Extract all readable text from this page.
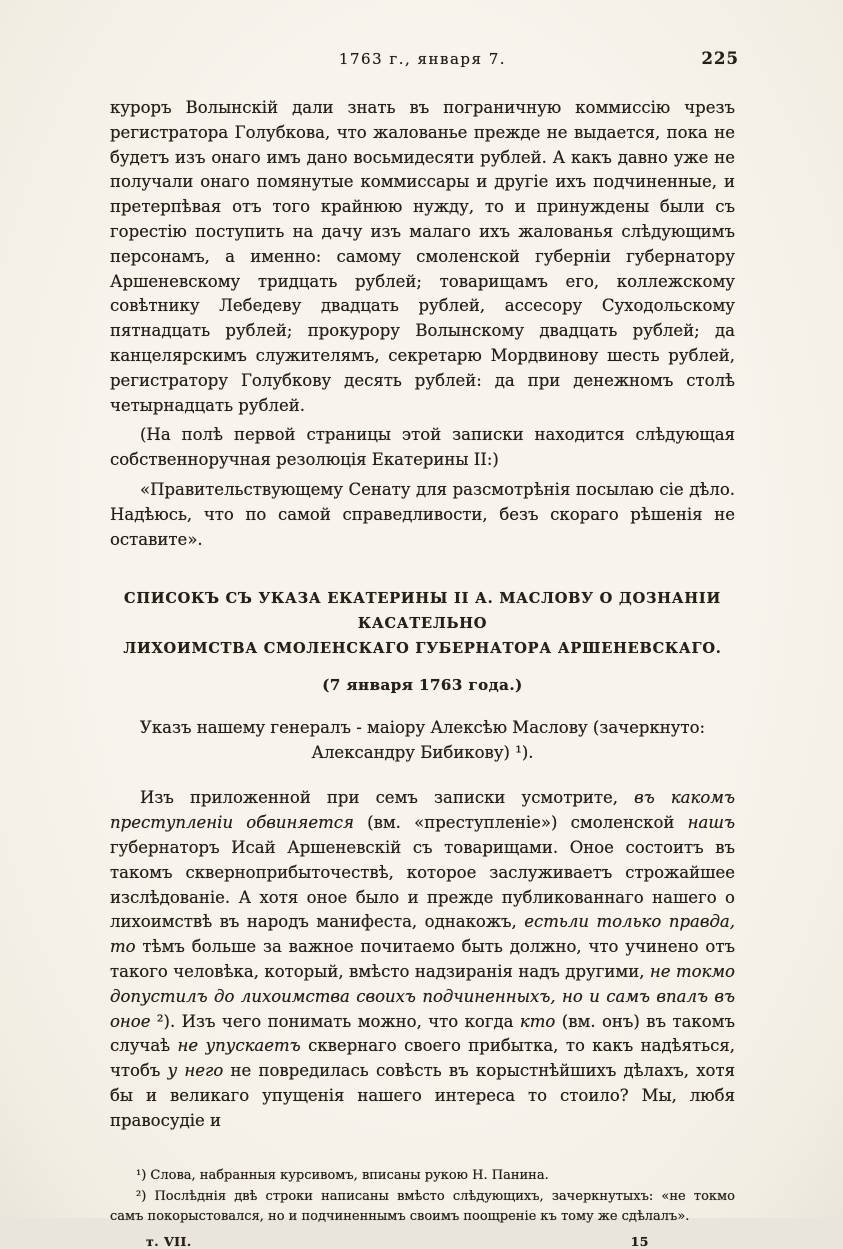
1763 г., января 7.	225

куроръ Волынскій дали знать въ пограничную коммиссію чрезъ регистратора Голубкова, что жалованье прежде не выдается, пока не будетъ изъ онаго имъ дано восьмидесяти рублей. А какъ давно уже не получали онаго помянутые коммиссары и другіе ихъ подчиненные, и претерпѣвая отъ того крайнюю нужду, то и принуждены были съ горестію поступить на дачу изъ малаго ихъ жалованья слѣдующимъ персонамъ, а именно: самому смоленской губерніи губернатору Аршеневскому тридцать рублей; товарищамъ его, коллежскому совѣтнику Лебедеву двадцать рублей, ассесору Суходольскому пятнадцать рублей; прокурору Волынскому двадцать рублей; да канцелярскимъ служителямъ, секретарю Мордвинову шесть рублей, регистратору Голубкову десять рублей: да при денежномъ столѣ четырнадцать рублей.

(На полѣ первой страницы этой записки находится слѣдующая собственноручная резолюція Екатерины II:)

«Правительствующему Сенату для разсмотрѣнія посылаю сіе дѣло. Надѣюсь, что по самой справедливости, безъ скораго рѣшенія не оставите».

СПИСОКЪ СЪ УКАЗА ЕКАТЕРИНЫ II А. МАСЛОВУ О ДОЗНАНІИ КАСАТЕЛЬНО
ЛИХОИМСТВА СМОЛЕНСКАГО ГУБЕРНАТОРА АРШЕНЕВСКАГО.
(7 января 1763 года.)
Указъ нашему генералъ - маіору Алексѣю Маслову (зачеркнуто:
Александру Бибикову) ¹).

Изъ приложенной при семъ записки усмотрите, въ какомъ преступленіи обвиняется (вм. «преступленіе») смоленской нашъ губернаторъ Исай Аршеневскій съ товарищами. Оное состоитъ въ такомъ скверноприбыточествѣ, которое заслуживаетъ строжайшее изслѣдованіе. А хотя оное было и прежде публикованнаго нашего о лихоимствѣ въ народъ манифеста, однакожъ, естьли только правда, то тѣмъ больше за важное почитаемо быть должно, что учинено отъ такого человѣка, который, вмѣсто надзиранія надъ другими, не токмо допустилъ до лихоимства своихъ подчиненныхъ, но и самъ впалъ въ оное ²). Изъ чего понимать можно, что когда кто (вм. онъ) въ такомъ случаѣ не упускаетъ сквернаго своего прибытка, то какъ надѣяться, чтобъ у него не повредилась совѣсть въ корыстнѣйшихъ дѣлахъ, хотя бы и великаго упущенія нашего интереса то стоило? Мы, любя правосудіе и

¹) Слова, набранныя курсивомъ, вписаны рукою Н. Панина.

²) Послѣднія двѣ строки написаны вмѣсто слѣдующихъ, зачеркнутыхъ: «не токмо самъ покорыстовался, но и подчиненнымъ своимъ поощреніе къ тому же сдѣлалъ».

т. VII.	15
